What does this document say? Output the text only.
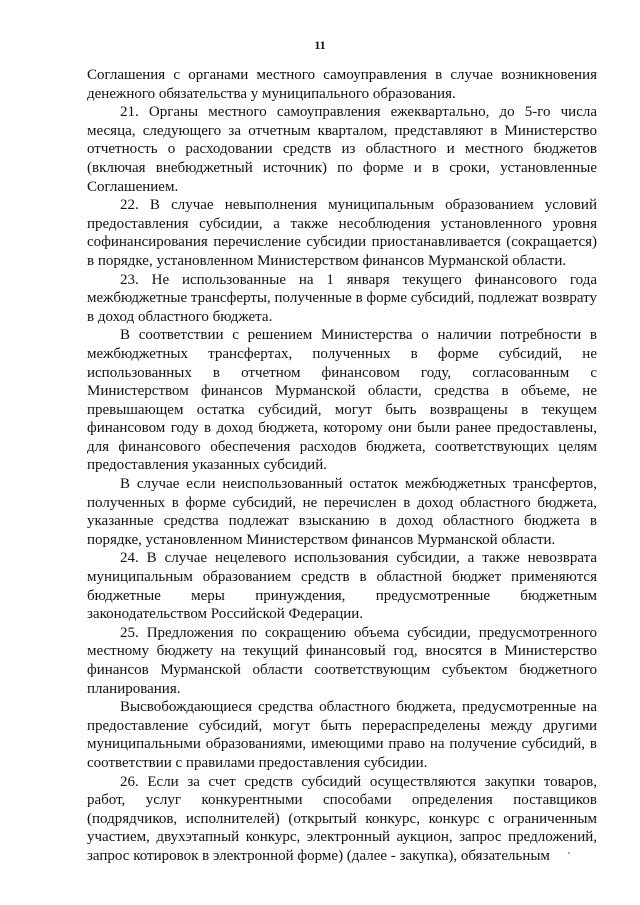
11

Соглашения с органами местного самоуправления в случае возникновения денежного обязательства у муниципального образования.

21. Органы местного самоуправления ежеквартально, до 5-го числа месяца, следующего за отчетным кварталом, представляют в Министерство отчетность о расходовании средств из областного и местного бюджетов (включая внебюджетный источник) по форме и в сроки, установленные Соглашением.

22. В случае невыполнения муниципальным образованием условий предоставления субсидии, а также несоблюдения установленного уровня софинансирования перечисление субсидии приостанавливается (сокращается) в порядке, установленном Министерством финансов Мурманской области.

23. Не использованные на 1 января текущего финансового года межбюджетные трансферты, полученные в форме субсидий, подлежат возврату в доход областного бюджета.

В соответствии с решением Министерства о наличии потребности в межбюджетных трансфертах, полученных в форме субсидий, не использованных в отчетном финансовом году, согласованным с Министерством финансов Мурманской области, средства в объеме, не превышающем остатка субсидий, могут быть возвращены в текущем финансовом году в доход бюджета, которому они были ранее предоставлены, для финансового обеспечения расходов бюджета, соответствующих целям предоставления указанных субсидий.

В случае если неиспользованный остаток межбюджетных трансфертов, полученных в форме субсидий, не перечислен в доход областного бюджета, указанные средства подлежат взысканию в доход областного бюджета в порядке, установленном Министерством финансов Мурманской области.

24. В случае нецелевого использования субсидии, а также невозврата муниципальным образованием средств в областной бюджет применяются бюджетные меры принуждения, предусмотренные бюджетным законодательством Российской Федерации.

25. Предложения по сокращению объема субсидии, предусмотренного местному бюджету на текущий финансовый год, вносятся в Министерство финансов Мурманской области соответствующим субъектом бюджетного планирования.

Высвобождающиеся средства областного бюджета, предусмотренные на предоставление субсидий, могут быть перераспределены между другими муниципальными образованиями, имеющими право на получение субсидий, в соответствии с правилами предоставления субсидии.

26. Если за счет средств субсидий осуществляются закупки товаров, работ, услуг конкурентными способами определения поставщиков (подрядчиков, исполнителей) (открытый конкурс, конкурс с ограниченным участием, двухэтапный конкурс, электронный аукцион, запрос предложений, запрос котировок в электронной форме) (далее - закупка), обязательным
